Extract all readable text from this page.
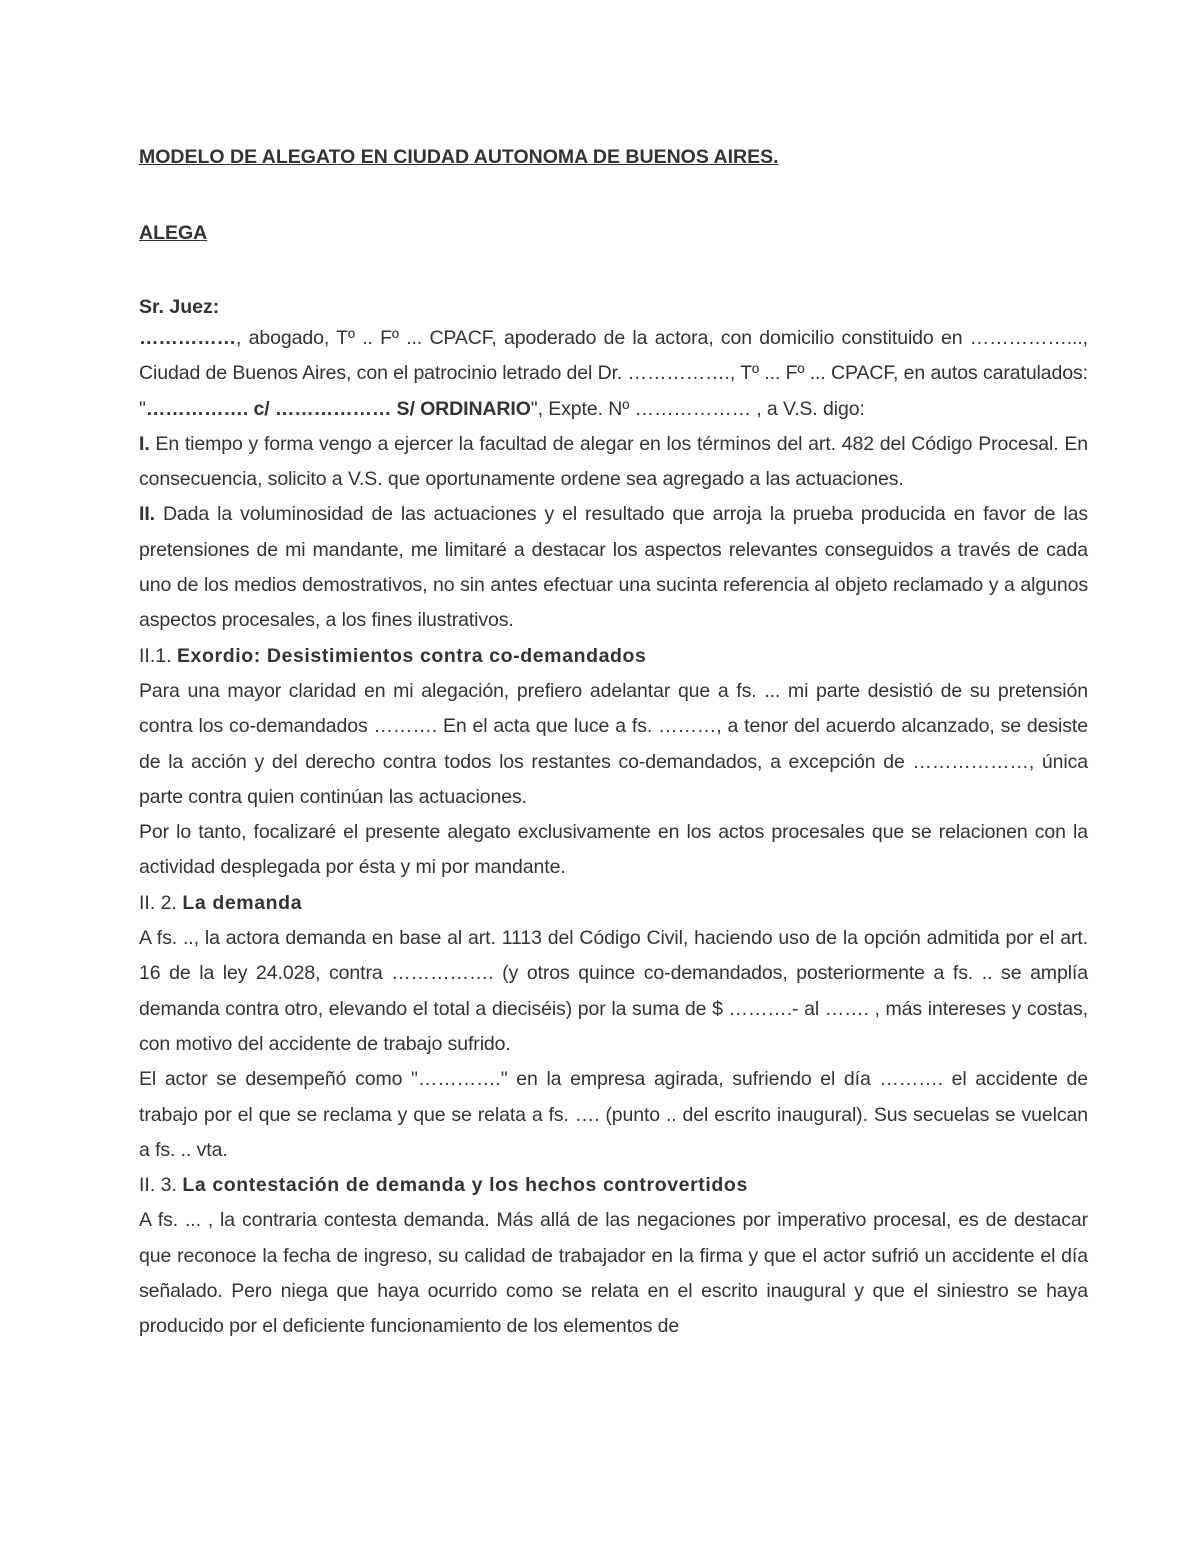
MODELO DE ALEGATO EN CIUDAD AUTONOMA DE BUENOS AIRES.

ALEGA

Sr. Juez:

……………, abogado, Tº .. Fº ... CPACF, apoderado de la actora, con domicilio constituido en ……………..., Ciudad de Buenos Aires, con el patrocinio letrado del Dr. ……………., Tº ... Fº ... CPACF, en autos caratulados: "……………. c/ ……………… S/ ORDINARIO", Expte. Nº ……………… , a V.S. digo:

I. En tiempo y forma vengo a ejercer la facultad de alegar en los términos del art. 482 del Código Procesal. En consecuencia, solicito a V.S. que oportunamente ordene sea agregado a las actuaciones.

II. Dada la voluminosidad de las actuaciones y el resultado que arroja la prueba producida en favor de las pretensiones de mi mandante, me limitaré a destacar los aspectos relevantes conseguidos a través de cada uno de los medios demostrativos, no sin antes efectuar una sucinta referencia al objeto reclamado y a algunos aspectos procesales, a los fines ilustrativos.

II.1. Exordio: Desistimientos contra co-demandados

Para una mayor claridad en mi alegación, prefiero adelantar que a fs. ... mi parte desistió de su pretensión contra los co-demandados ………. En el acta que luce a fs. ………, a tenor del acuerdo alcanzado, se desiste de la acción y del derecho contra todos los restantes co-demandados, a excepción de ………………, única parte contra quien continúan las actuaciones.

Por lo tanto, focalizaré el presente alegato exclusivamente en los actos procesales que se relacionen con la actividad desplegada por ésta y mi por mandante.

II. 2. La demanda

A fs. .., la actora demanda en base al art. 1113 del Código Civil, haciendo uso de la opción admitida por el art. 16 de la ley 24.028, contra ……………. (y otros quince co-demandados, posteriormente a fs. .. se amplía demanda contra otro, elevando el total a dieciséis) por la suma de $ ……….- al ……. , más intereses y costas, con motivo del accidente de trabajo sufrido.

El actor se desempeñó como "…………." en la empresa agirada, sufriendo el día ………. el accidente de trabajo por el que se reclama y que se relata a fs. …. (punto .. del escrito inaugural). Sus secuelas se vuelcan a fs. .. vta.

II. 3. La contestación de demanda y los hechos controvertidos

A fs. ... , la contraria contesta demanda. Más allá de las negaciones por imperativo procesal, es de destacar que reconoce la fecha de ingreso, su calidad de trabajador en la firma y que el actor sufrió un accidente el día señalado. Pero niega que haya ocurrido como se relata en el escrito inaugural y que el siniestro se haya producido por el deficiente funcionamiento de los elementos de
